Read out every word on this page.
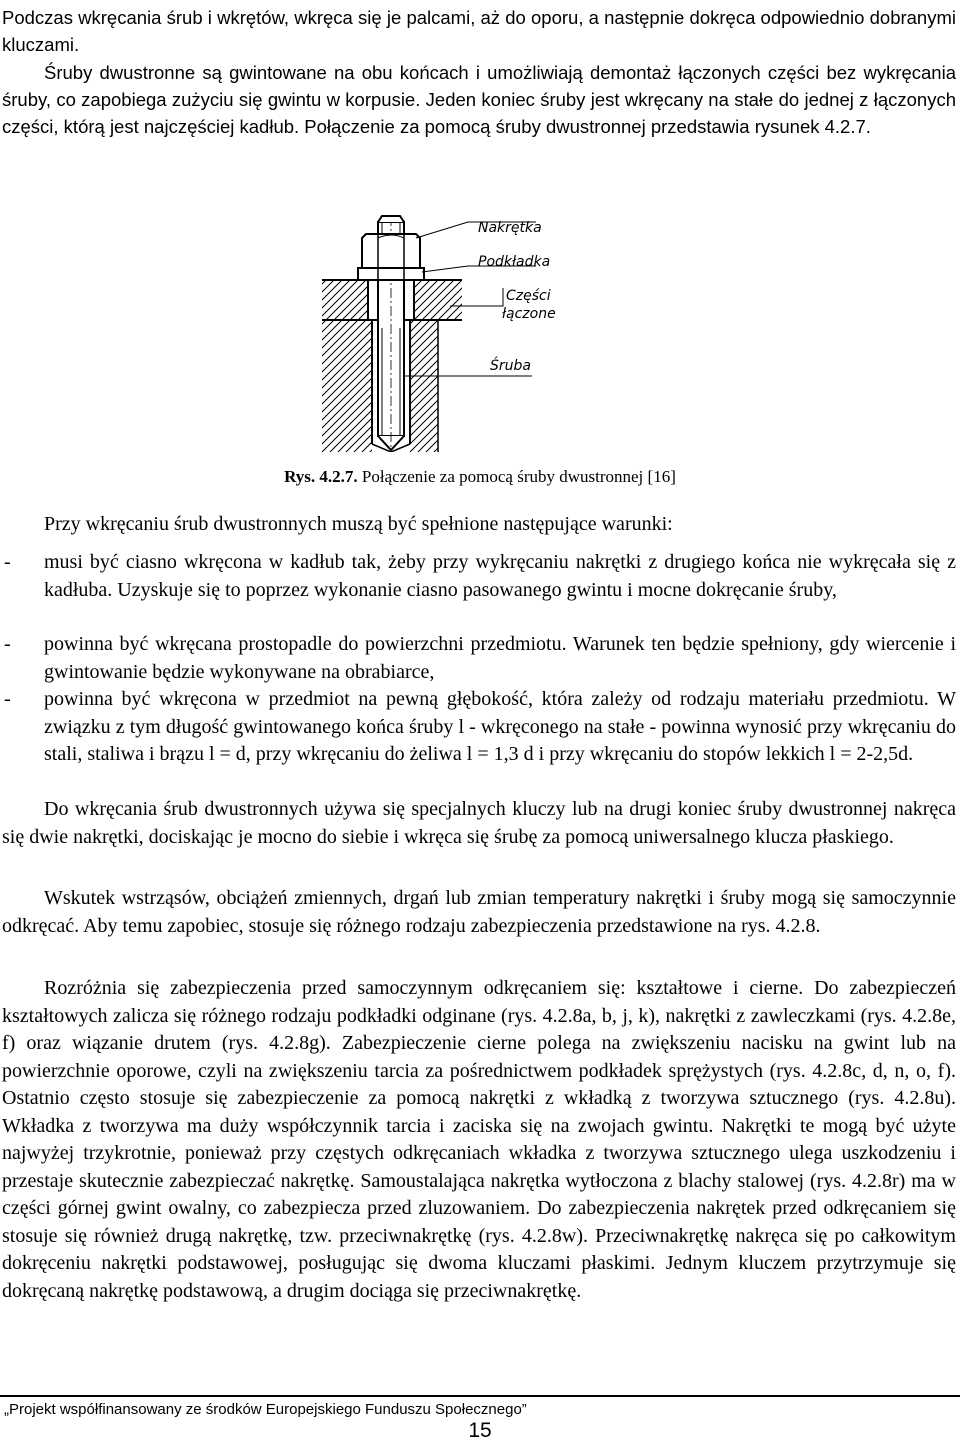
Podczas wkręcania śrub i wkrętów, wkręca się je palcami, aż do oporu, a następnie dokręca odpowiednio dobranymi kluczami.

Śruby dwustronne są gwintowane na obu końcach i umożliwiają demontaż łączonych części bez wykręcania śruby, co zapobiega zużyciu się gwintu w korpusie. Jeden koniec śruby jest wkręcany na stałe do jednej z łączonych części, którą jest najczęściej kadłub. Połączenie za pomocą śruby dwustronnej przedstawia rysunek 4.2.7.

Nakrętka
Podkładka
Części
łączone
Śruba
Rys. 4.2.7. Połączenie za pomocą śruby dwustronnej [16]

Przy wkręcaniu śrub dwustronnych muszą być spełnione następujące warunki:

- musi być ciasno wkręcona w kadłub tak, żeby przy wykręcaniu nakrętki z drugiego końca nie wykręcała się z kadłuba. Uzyskuje się to poprzez wykonanie ciasno pasowanego gwintu i mocne dokręcanie śruby,
- powinna być wkręcana prostopadle do powierzchni przedmiotu. Warunek ten będzie spełniony, gdy wiercenie i gwintowanie będzie wykonywane na obrabiarce,
- powinna być wkręcona w przedmiot na pewną głębokość, która zależy od rodzaju materiału przedmiotu. W związku z tym długość gwintowanego końca śruby l - wkręconego na stałe - powinna wynosić przy wkręcaniu do stali, staliwa i brązu l = d, przy wkręcaniu do żeliwa l = 1,3 d i przy wkręcaniu do stopów lekkich l = 2-2,5d.

Do wkręcania śrub dwustronnych używa się specjalnych kluczy lub na drugi koniec śruby dwustronnej nakręca się dwie nakrętki, dociskając je mocno do siebie i wkręca się śrubę za pomocą uniwersalnego klucza płaskiego.

Wskutek wstrząsów, obciążeń zmiennych, drgań lub zmian temperatury nakrętki i śruby mogą się samoczynnie odkręcać. Aby temu zapobiec, stosuje się różnego rodzaju zabezpieczenia przedstawione na rys. 4.2.8.

Rozróżnia się zabezpieczenia przed samoczynnym odkręcaniem się: kształtowe i cierne. Do zabezpieczeń kształtowych zalicza się różnego rodzaju podkładki odginane (rys. 4.2.8a, b, j, k), nakrętki z zawleczkami (rys. 4.2.8e, f) oraz wiązanie drutem (rys. 4.2.8g). Zabezpieczenie cierne polega na zwiększeniu nacisku na gwint lub na powierzchnie oporowe, czyli na zwiększeniu tarcia za pośrednictwem podkładek sprężystych (rys. 4.2.8c, d, n, o, f). Ostatnio często stosuje się zabezpieczenie za pomocą nakrętki z wkładką z tworzywa sztucznego (rys. 4.2.8u). Wkładka z tworzywa ma duży współczynnik tarcia i zaciska się na zwojach gwintu. Nakrętki te mogą być użyte najwyżej trzykrotnie, ponieważ przy częstych odkręcaniach wkładka z tworzywa sztucznego ulega uszkodzeniu i przestaje skutecznie zabezpieczać nakrętkę. Samoustalająca nakrętka wytłoczona z blachy stalowej (rys. 4.2.8r) ma w części górnej gwint owalny, co zabezpiecza przed zluzowaniem. Do zabezpieczenia nakrętek przed odkręcaniem się stosuje się również drugą nakrętkę, tzw. przeciwnakrętkę (rys. 4.2.8w). Przeciwnakrętkę nakręca się po całkowitym dokręceniu nakrętki podstawowej, posługując się dwoma kluczami płaskimi. Jednym kluczem przytrzymuje się dokręcaną nakrętkę podstawową, a drugim dociąga się przeciwnakrętkę.

„Projekt współfinansowany ze środków Europejskiego Funduszu Społecznego”
15
